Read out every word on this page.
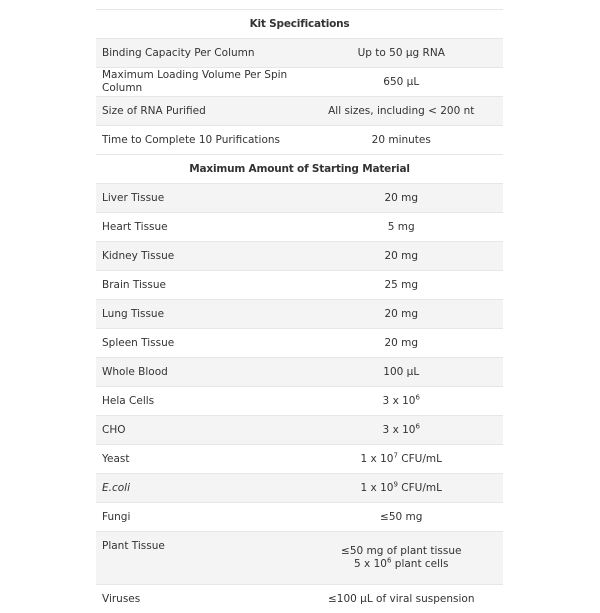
Kit Specifications	
Binding Capacity Per Column	Up to 50 µg RNA
Maximum Loading Volume Per Spin Column	650 µL
Size of RNA Purified	All sizes, including < 200 nt
Time to Complete 10 Purifications	20 minutes
Maximum Amount of Starting Material	
Liver Tissue	20 mg
Heart Tissue	5 mg
Kidney Tissue	20 mg
Brain Tissue	25 mg
Lung Tissue	20 mg
Spleen Tissue	20 mg
Whole Blood	100 µL
Hela Cells	3 x $10^6$
CHO	3 x $10^6$
Yeast	1 x $10^7$ CFU/mL
E.coli	1 x $10^9$ CFU/mL
Fungi	≤50 mg
Plant Tissue	≤50 mg of plant tissue
5 x $10^6$ plant cells

Viruses	≤100 µL of viral suspension
